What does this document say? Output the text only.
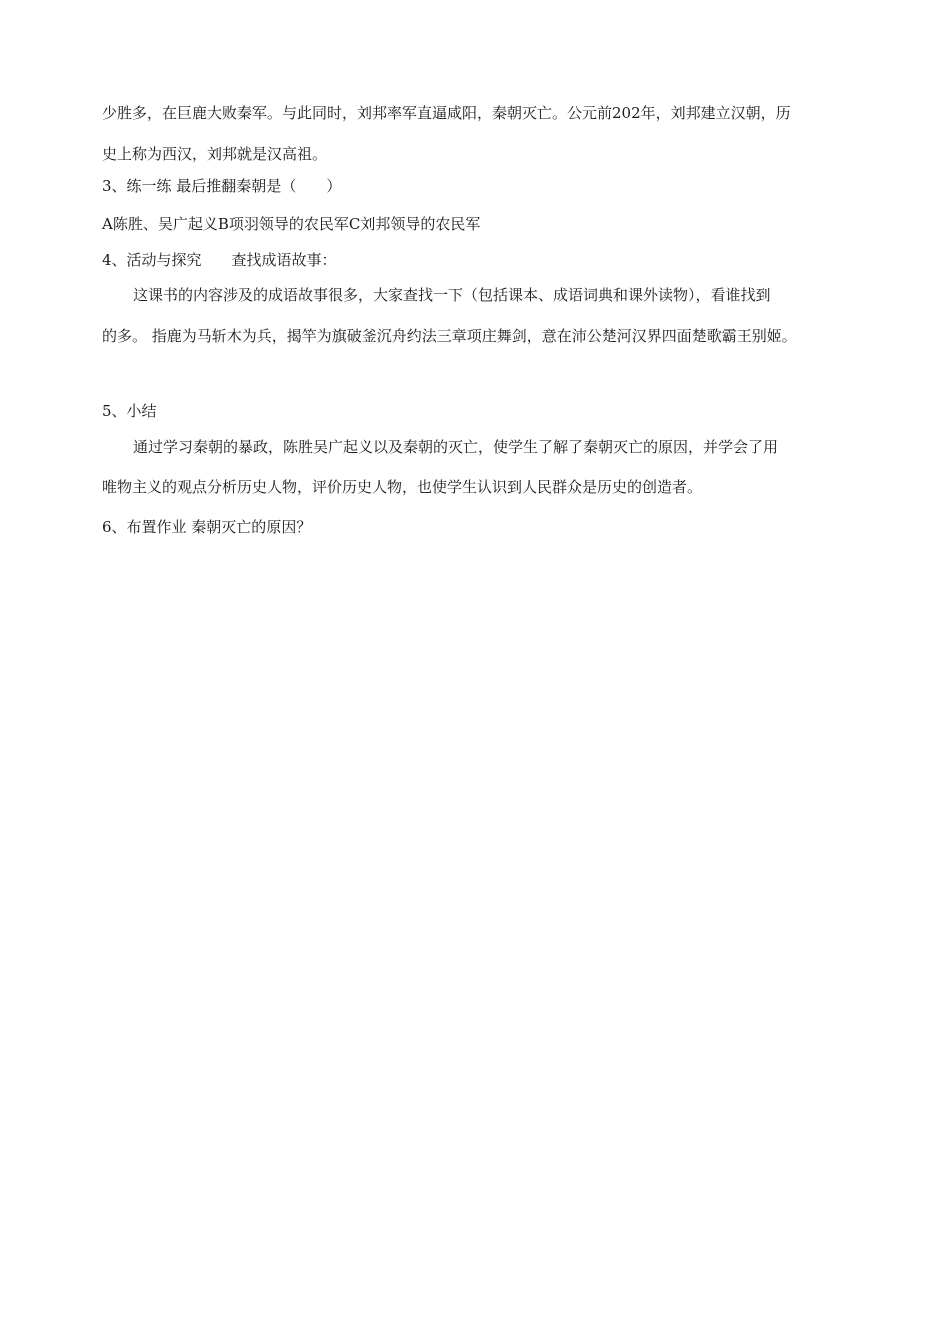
少胜多，在巨鹿大败秦军。与此同时，刘邦率军直逼咸阳，秦朝灭亡。公元前202年，刘邦建立汉朝，历
史上称为西汉，刘邦就是汉高祖。
3、练一练 最后推翻秦朝是（　　）
A陈胜、吴广起义B项羽领导的农民军C刘邦领导的农民军
4、活动与探究　　查找成语故事：
这课书的内容涉及的成语故事很多，大家查找一下（包括课本、成语词典和课外读物），看谁找到
的多。 指鹿为马斩木为兵，揭竿为旗破釜沉舟约法三章项庄舞剑，意在沛公楚河汉界四面楚歌霸王别姬。
5、小结
通过学习秦朝的暴政，陈胜吴广起义以及秦朝的灭亡，使学生了解了秦朝灭亡的原因，并学会了用
唯物主义的观点分析历史人物，评价历史人物，也使学生认识到人民群众是历史的创造者。
6、布置作业 秦朝灭亡的原因？
